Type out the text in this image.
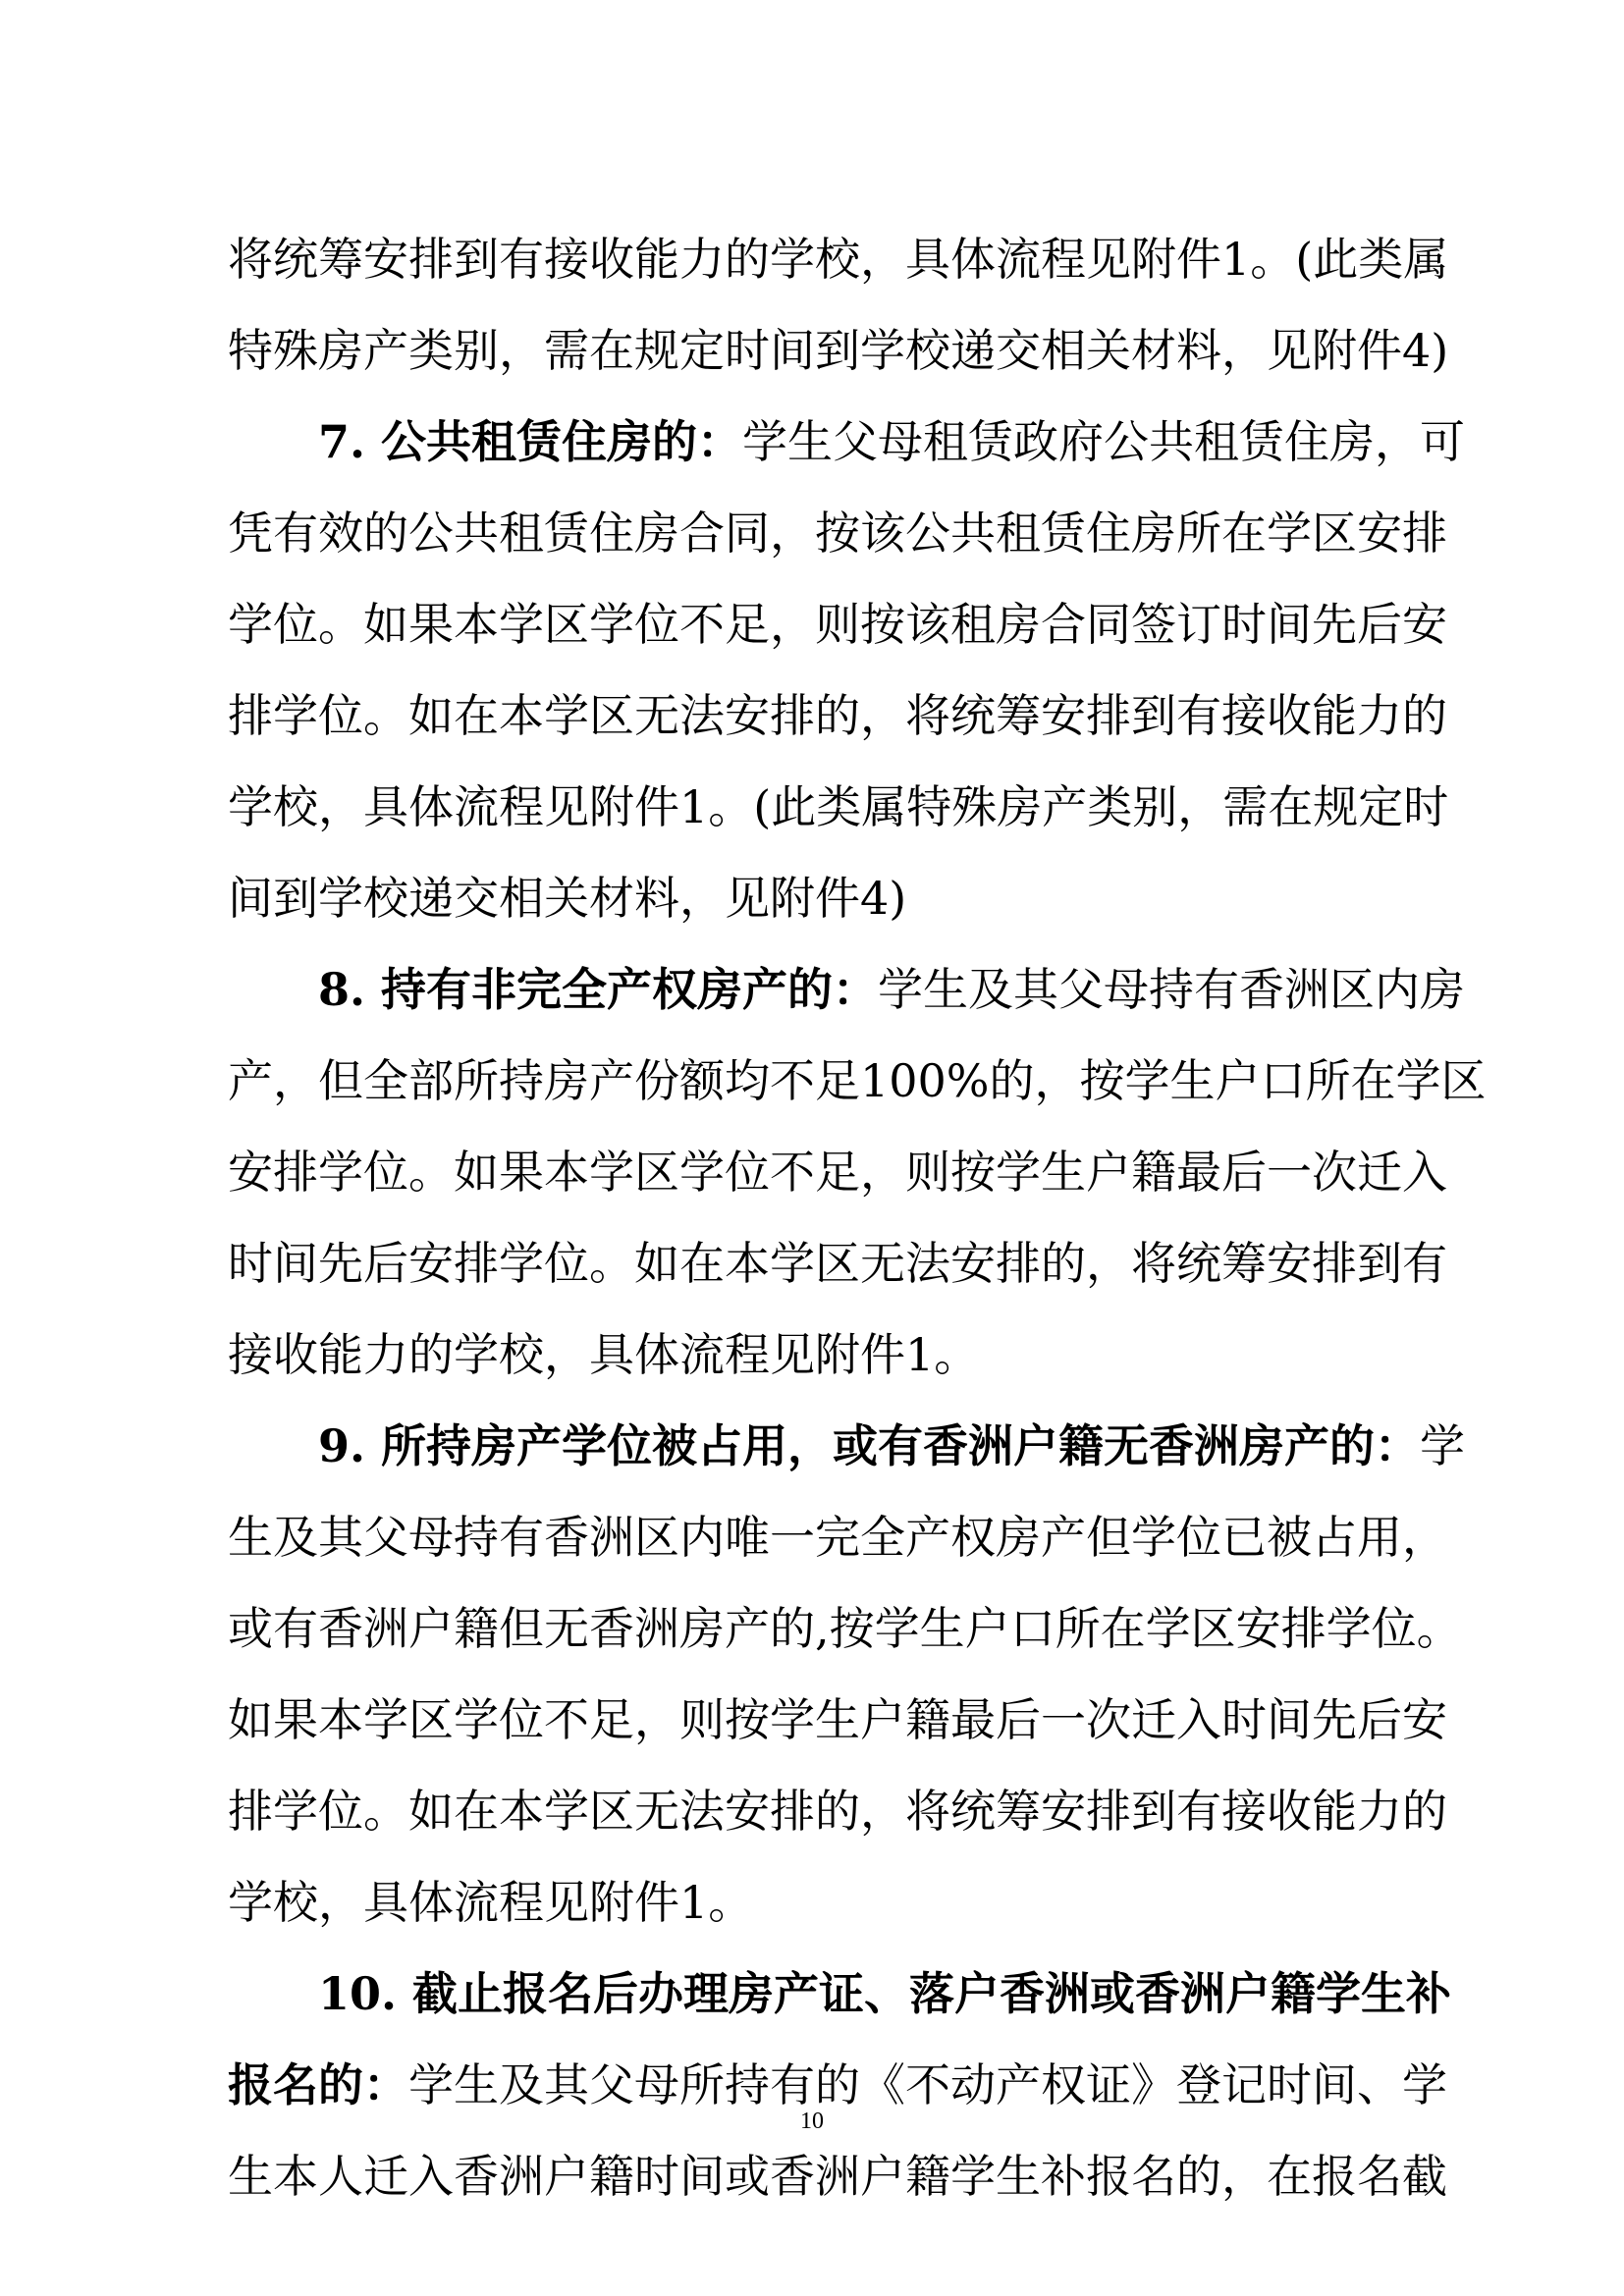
将统筹安排到有接收能力的学校，具体流程见附件1。(此类属
特殊房产类别，需在规定时间到学校递交相关材料，见附件4)
7. 公共租赁住房的：学生父母租赁政府公共租赁住房，可
凭有效的公共租赁住房合同，按该公共租赁住房所在学区安排
学位。如果本学区学位不足，则按该租房合同签订时间先后安
排学位。如在本学区无法安排的，将统筹安排到有接收能力的
学校，具体流程见附件1。(此类属特殊房产类别，需在规定时
间到学校递交相关材料，见附件4)
8. 持有非完全产权房产的：学生及其父母持有香洲区内房
产，但全部所持房产份额均不足100%的，按学生户口所在学区
安排学位。如果本学区学位不足，则按学生户籍最后一次迁入
时间先后安排学位。如在本学区无法安排的，将统筹安排到有
接收能力的学校，具体流程见附件1。
9. 所持房产学位被占用，或有香洲户籍无香洲房产的：学
生及其父母持有香洲区内唯一完全产权房产但学位已被占用，
或有香洲户籍但无香洲房产的,按学生户口所在学区安排学位。
如果本学区学位不足，则按学生户籍最后一次迁入时间先后安
排学位。如在本学区无法安排的，将统筹安排到有接收能力的
学校，具体流程见附件1。
10. 截止报名后办理房产证、落户香洲或香洲户籍学生补
报名的：学生及其父母所持有的《不动产权证》登记时间、学
生本人迁入香洲户籍时间或香洲户籍学生补报名的，在报名截
10
